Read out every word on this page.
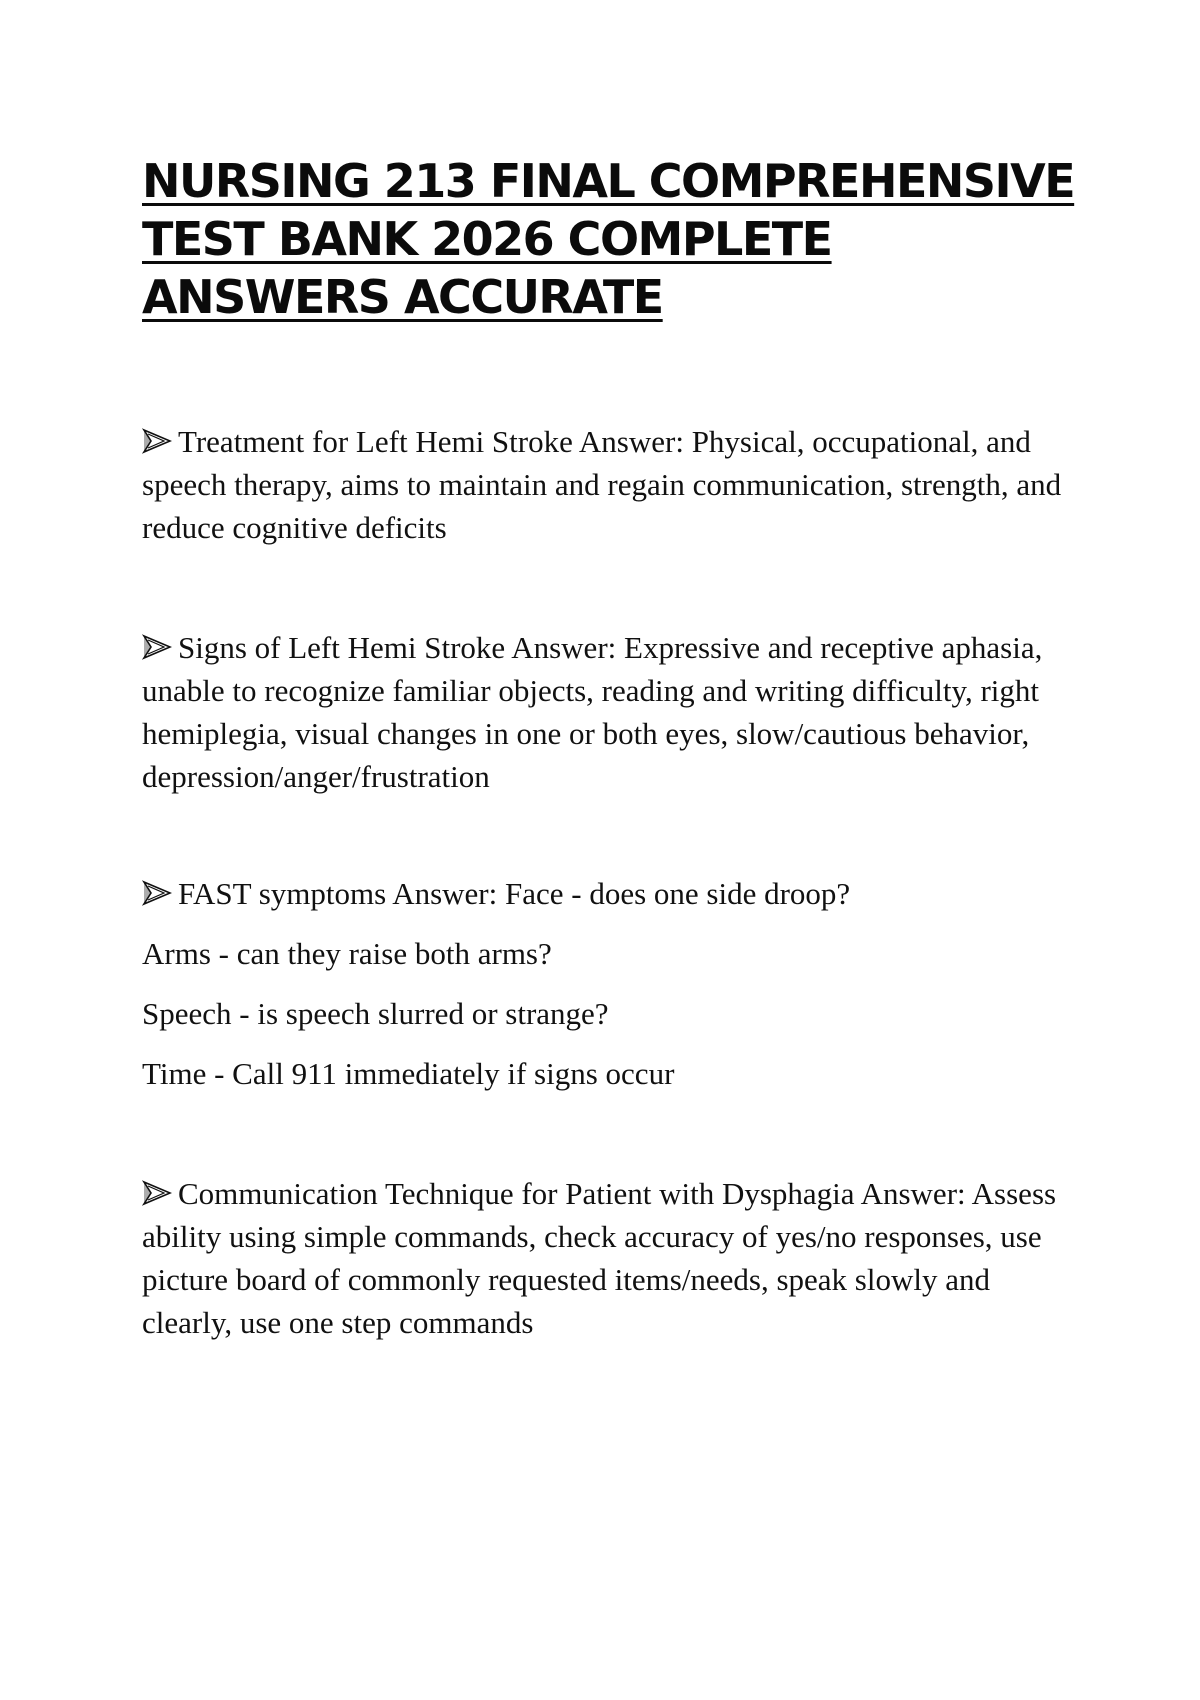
NURSING 213 FINAL COMPREHENSIVE TEST BANK 2026 COMPLETE ANSWERS ACCURATE

Treatment for Left Hemi Stroke Answer: Physical, occupational, and speech therapy, aims to maintain and regain communication, strength, and reduce cognitive deficits

Signs of Left Hemi Stroke Answer: Expressive and receptive aphasia, unable to recognize familiar objects, reading and writing difficulty, right hemiplegia, visual changes in one or both eyes, slow/cautious behavior, depression/anger/frustration

FAST symptoms Answer: Face - does one side droop?

Arms - can they raise both arms?

Speech - is speech slurred or strange?

Time - Call 911 immediately if signs occur

Communication Technique for Patient with Dysphagia Answer: Assess ability using simple commands, check accuracy of yes/no responses, use picture board of commonly requested items/needs, speak slowly and clearly, use one step commands
